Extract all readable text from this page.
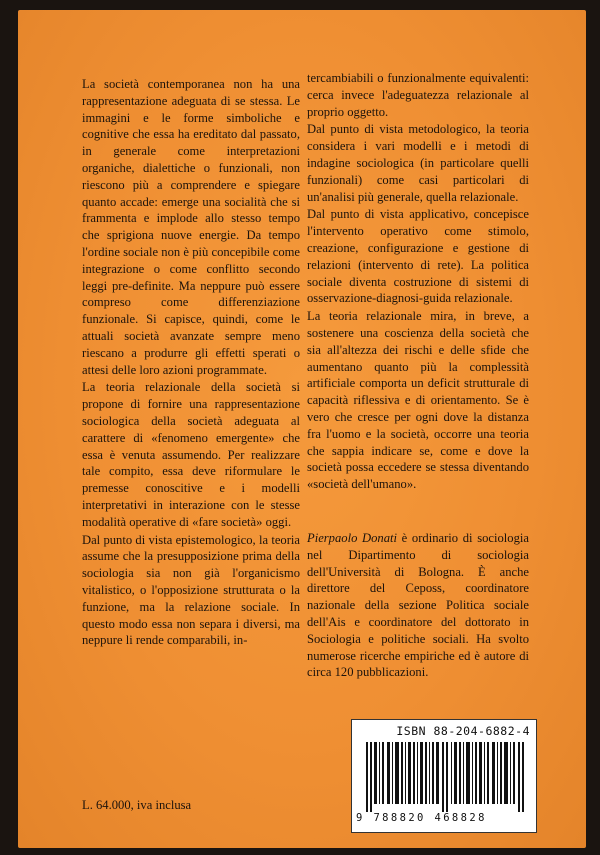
La società contemporanea non ha una rappresentazione adeguata di se stessa. Le immagini e le forme simboliche e cognitive che essa ha ereditato dal passato, in generale come interpretazioni organiche, dialettiche o funzionali, non riescono più a comprendere e spiegare quanto accade: emerge una socialità che si frammenta e implode allo stesso tempo che sprigiona nuove energie. Da tempo l'ordine sociale non è più concepibile come integrazione o come conflitto secondo leggi pre-definite. Ma neppure può essere compreso come differenziazione funzionale. Si capisce, quindi, come le attuali società avanzate sempre meno riescano a produrre gli effetti sperati o attesi delle loro azioni programmate.

La teoria relazionale della società si propone di fornire una rappresentazione sociologica della società adeguata al carattere di «fenomeno emergente» che essa è venuta assumendo. Per realizzare tale compito, essa deve riformulare le premesse conoscitive e i modelli interpretativi in interazione con le stesse modalità operative di «fare società» oggi.

Dal punto di vista epistemologico, la teoria assume che la presupposizione prima della sociologia sia non già l'organicismo vitalistico, o l'opposizione strutturata o la funzione, ma la relazione sociale. In questo modo essa non separa i diversi, ma neppure li rende comparabili, in-

tercambiabili o funzionalmente equivalenti: cerca invece l'adeguatezza relazionale al proprio oggetto.

Dal punto di vista metodologico, la teoria considera i vari modelli e i metodi di indagine sociologica (in particolare quelli funzionali) come casi particolari di un'analisi più generale, quella relazionale.

Dal punto di vista applicativo, concepisce l'intervento operativo come stimolo, creazione, configurazione e gestione di relazioni (intervento di rete). La politica sociale diventa costruzione di sistemi di osservazione-diagnosi-guida relazionale.

La teoria relazionale mira, in breve, a sostenere una coscienza della società che sia all'altezza dei rischi e delle sfide che aumentano quanto più la complessità artificiale comporta un deficit strutturale di capacità riflessiva e di orientamento. Se è vero che cresce per ogni dove la distanza fra l'uomo e la società, occorre una teoria che sappia indicare se, come e dove la società possa eccedere se stessa diventando «società dell'umano».

Pierpaolo Donati è ordinario di sociologia nel Dipartimento di sociologia dell'Università di Bologna. È anche direttore del Ceposs, coordinatore nazionale della sezione Politica sociale dell'Ais e coordinatore del dottorato in Sociologia e politiche sociali. Ha svolto numerose ricerche empiriche ed è autore di circa 120 pubblicazioni.
L. 64.000, iva inclusa
ISBN 88-204-6882-4
9 788820 468828
